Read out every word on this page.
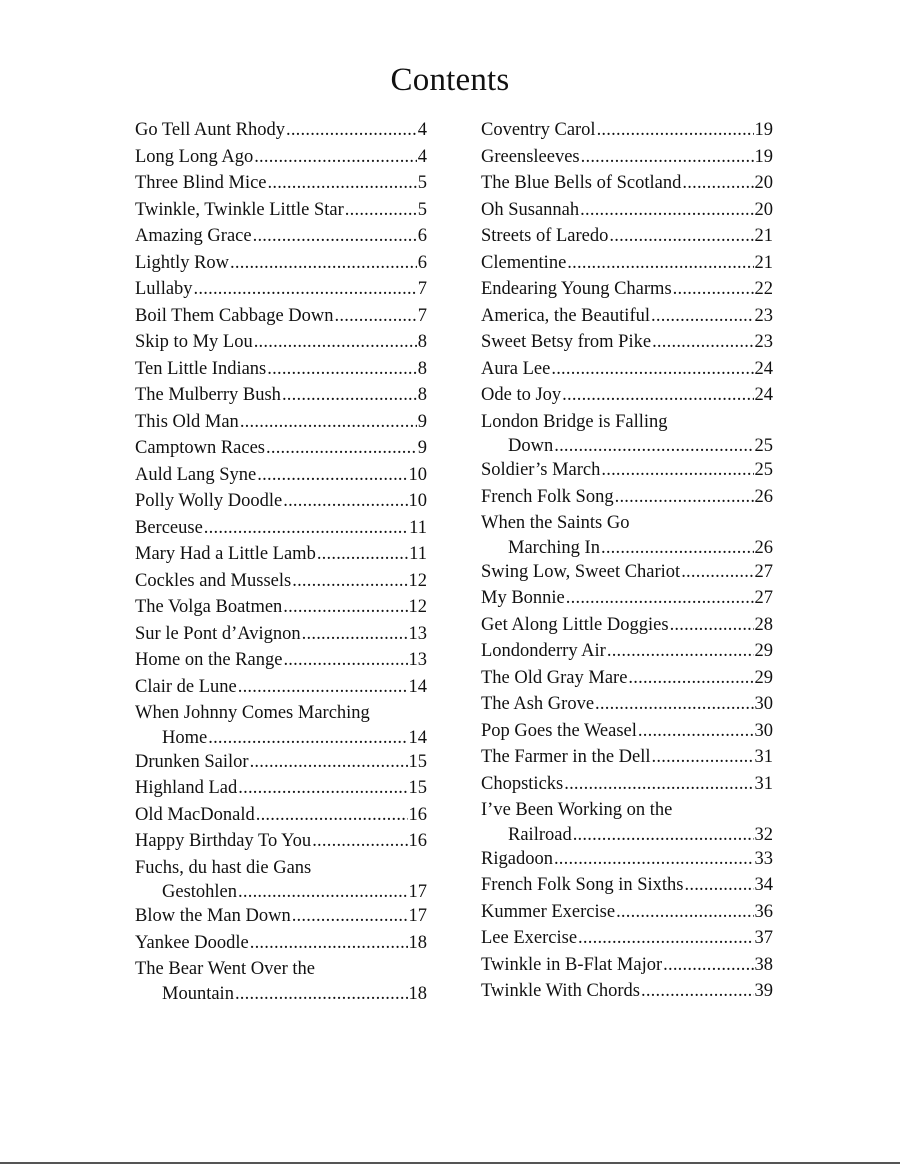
Contents
Go Tell Aunt Rhody . . .	4
Long Long Ago . . .	4
Three Blind Mice . . .	5
Twinkle, Twinkle Little Star . . .	5
Amazing Grace . . .	6
Lightly Row . . .	6
Lullaby . . .	7
Boil Them Cabbage Down . . .	7
Skip to My Lou . . .	8
Ten Little Indians . . .	8
The Mulberry Bush . . .	8
This Old Man . . .	9
Camptown Races . . .	9
Auld Lang Syne . . .	10
Polly Wolly Doodle . . .	10
Berceuse . . .	11
Mary Had a Little Lamb . . .	11
Cockles and Mussels . . .	12
The Volga Boatmen . . .	12
Sur le Pont d’Avignon . . .	13
Home on the Range . . .	13
Clair de Lune . . .	14
When Johnny Comes Marching
Home . . .	14
Drunken Sailor . . .	15
Highland Lad . . .	15
Old MacDonald . . .	16
Happy Birthday To You . . .	16
Fuchs, du hast die Gans
Gestohlen . . .	17
Blow the Man Down . . .	17
Yankee Doodle . . .	18
The Bear Went Over the
Mountain . . .	18
Coventry Carol . . .	19
Greensleeves . . .	19
The Blue Bells of Scotland . . .	20
Oh Susannah . . .	20
Streets of Laredo . . .	21
Clementine . . .	21
Endearing Young Charms . . .	22
America, the Beautiful . . .	23
Sweet Betsy from Pike . . .	23
Aura Lee . . .	24
Ode to Joy . . .	24
London Bridge is Falling
Down . . .	25
Soldier’s March . . .	25
French Folk Song . . .	26
When the Saints Go
Marching In . . .	26
Swing Low, Sweet Chariot . . .	27
My Bonnie . . .	27
Get Along Little Doggies . . .	28
Londonderry Air . . .	29
The Old Gray Mare . . .	29
The Ash Grove . . .	30
Pop Goes the Weasel . . .	30
The Farmer in the Dell . . .	31
Chopsticks . . .	31
I’ve Been Working on the
Railroad . . .	32
Rigadoon . . .	33
French Folk Song in Sixths . . .	34
Kummer Exercise . . .	36
Lee Exercise . . .	37
Twinkle in B-Flat Major . . .	38
Twinkle With Chords . . .	39
